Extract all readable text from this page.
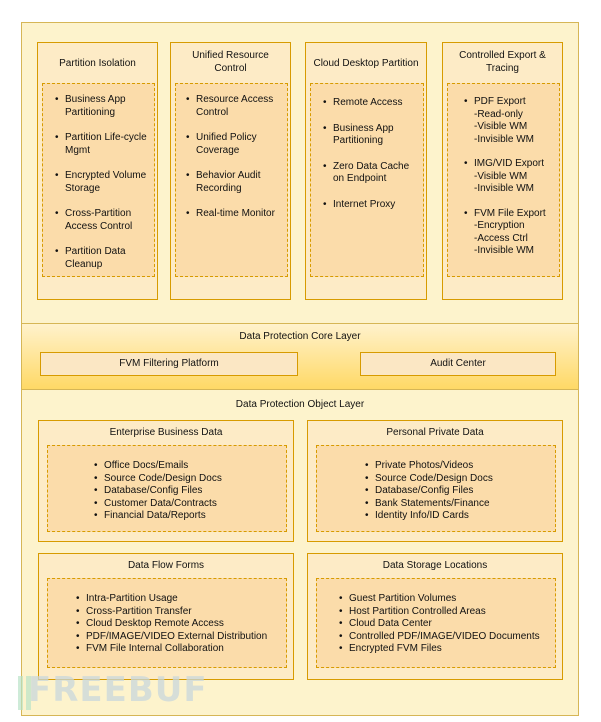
Partition Isolation
• Business App Partitioning
• Partition Life-cycle Mgmt
• Encrypted Volume Storage
• Cross-Partition Access Control
• Partition Data Cleanup
Unified Resource Control
• Resource Access Control
• Unified Policy Coverage
• Behavior Audit Recording
• Real-time Monitor
Cloud Desktop Partition
• Remote Access
• Business App Partitioning
• Zero Data Cache on Endpoint
• Internet Proxy
Controlled Export & Tracing
• PDF Export
-Read-only
-Visible WM
-Invisible WM
• IMG/VID Export
-Visible WM
-Invisible WM
• FVM File Export
-Encryption
-Access Ctrl
-Invisible WM
Data Protection Core Layer
FVM Filtering Platform	Audit Center
Data Protection Object Layer
Enterprise Business Data
• Office Docs/Emails
• Source Code/Design Docs
• Database/Config Files
• Customer Data/Contracts
• Financial Data/Reports
Personal Private Data
• Private Photos/Videos
• Source Code/Design Docs
• Database/Config Files
• Bank Statements/Finance
• Identity Info/ID Cards
Data Flow Forms
• Intra-Partition Usage
• Cross-Partition Transfer
• Cloud Desktop Remote Access
• PDF/IMAGE/VIDEO External Distribution
• FVM File Internal Collaboration
Data Storage Locations
• Guest Partition Volumes
• Host Partition Controlled Areas
• Cloud Data Center
• Controlled PDF/IMAGE/VIDEO Documents
• Encrypted FVM Files
FREEBUF
